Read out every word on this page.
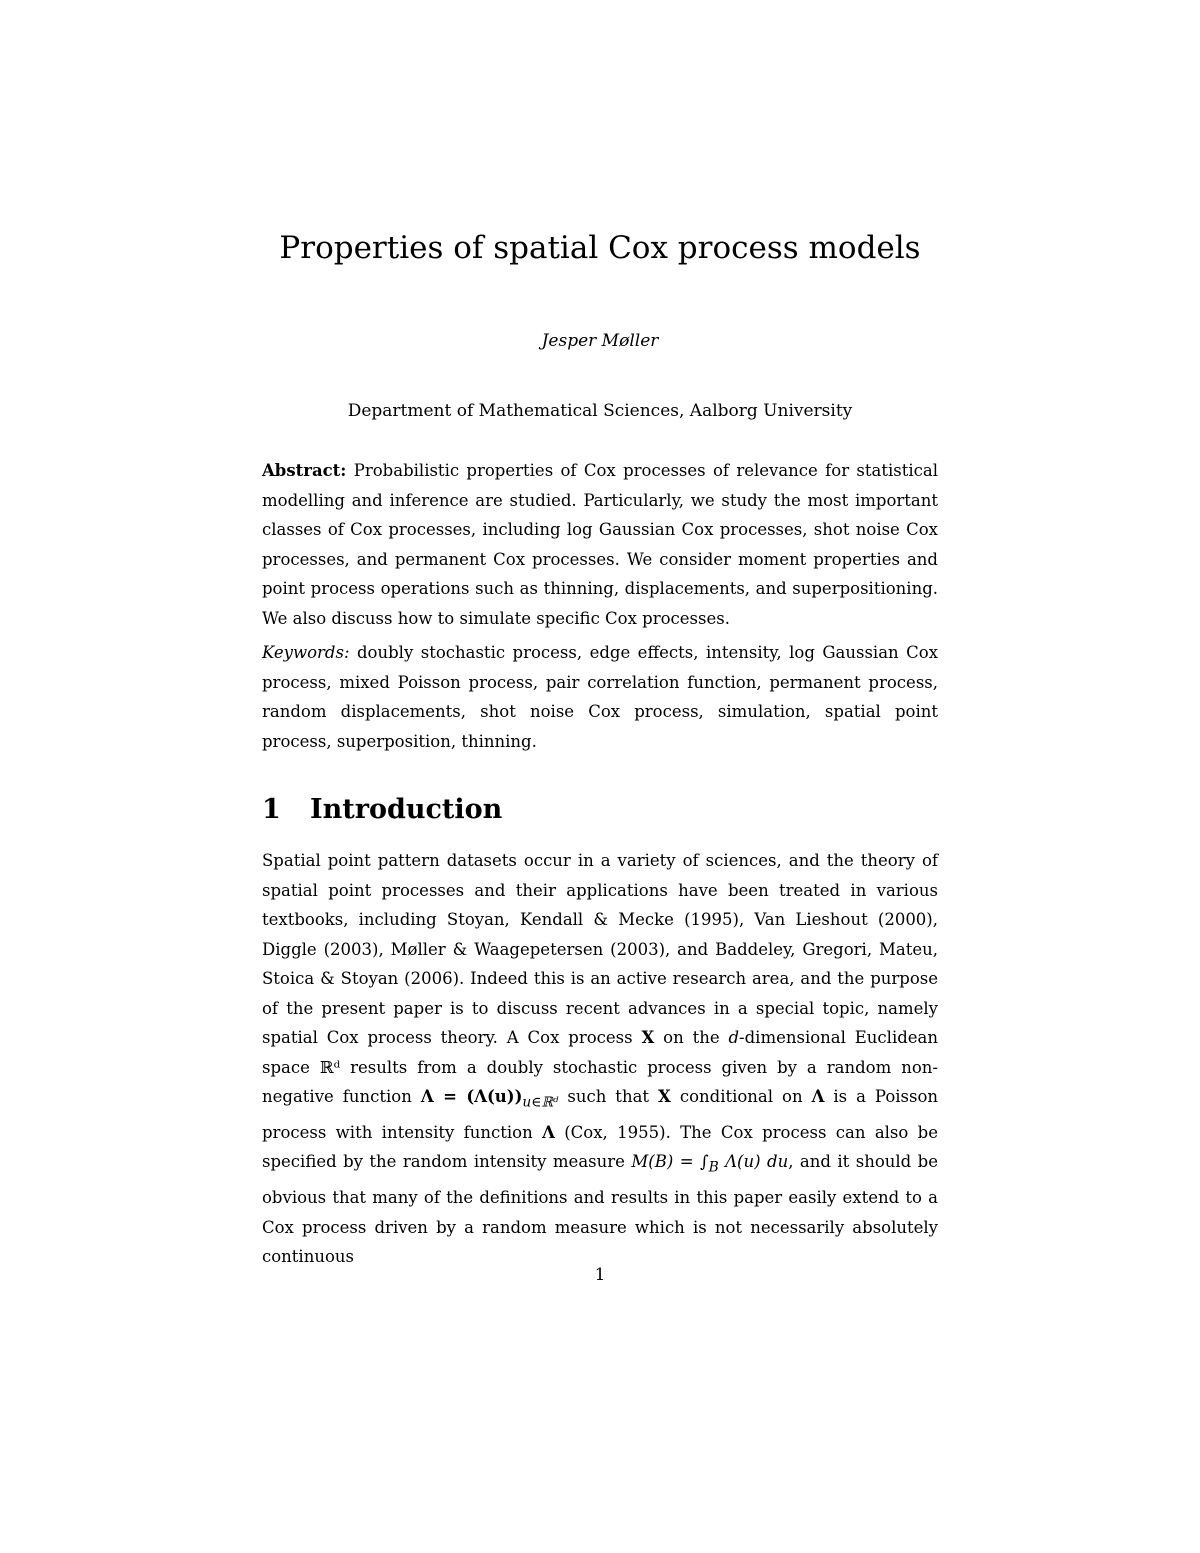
Properties of spatial Cox process models
Jesper Møller
Department of Mathematical Sciences, Aalborg University
Abstract: Probabilistic properties of Cox processes of relevance for statistical modelling and inference are studied. Particularly, we study the most important classes of Cox processes, including log Gaussian Cox processes, shot noise Cox processes, and permanent Cox processes. We consider moment properties and point process operations such as thinning, displacements, and superpositioning. We also discuss how to simulate specific Cox processes.
Keywords: doubly stochastic process, edge effects, intensity, log Gaussian Cox process, mixed Poisson process, pair correlation function, permanent process, random displacements, shot noise Cox process, simulation, spatial point process, superposition, thinning.
1 Introduction
Spatial point pattern datasets occur in a variety of sciences, and the theory of spatial point processes and their applications have been treated in various textbooks, including Stoyan, Kendall & Mecke (1995), Van Lieshout (2000), Diggle (2003), Møller & Waagepetersen (2003), and Baddeley, Gregori, Mateu, Stoica & Stoyan (2006). Indeed this is an active research area, and the purpose of the present paper is to discuss recent advances in a special topic, namely spatial Cox process theory. A Cox process X on the d-dimensional Euclidean space ℝᵈ results from a doubly stochastic process given by a random non-negative function $\Lambda = (\Lambda(u))_{u\in ℝᵈ}$ such that X conditional on Λ is a Poisson process with intensity function Λ (Cox, 1955). The Cox process can also be specified by the random intensity measure $M(B) = \int_B$ Λ(u) du, and it should be obvious that many of the definitions and results in this paper easily extend to a Cox process driven by a random measure which is not necessarily absolutely continuous
1
